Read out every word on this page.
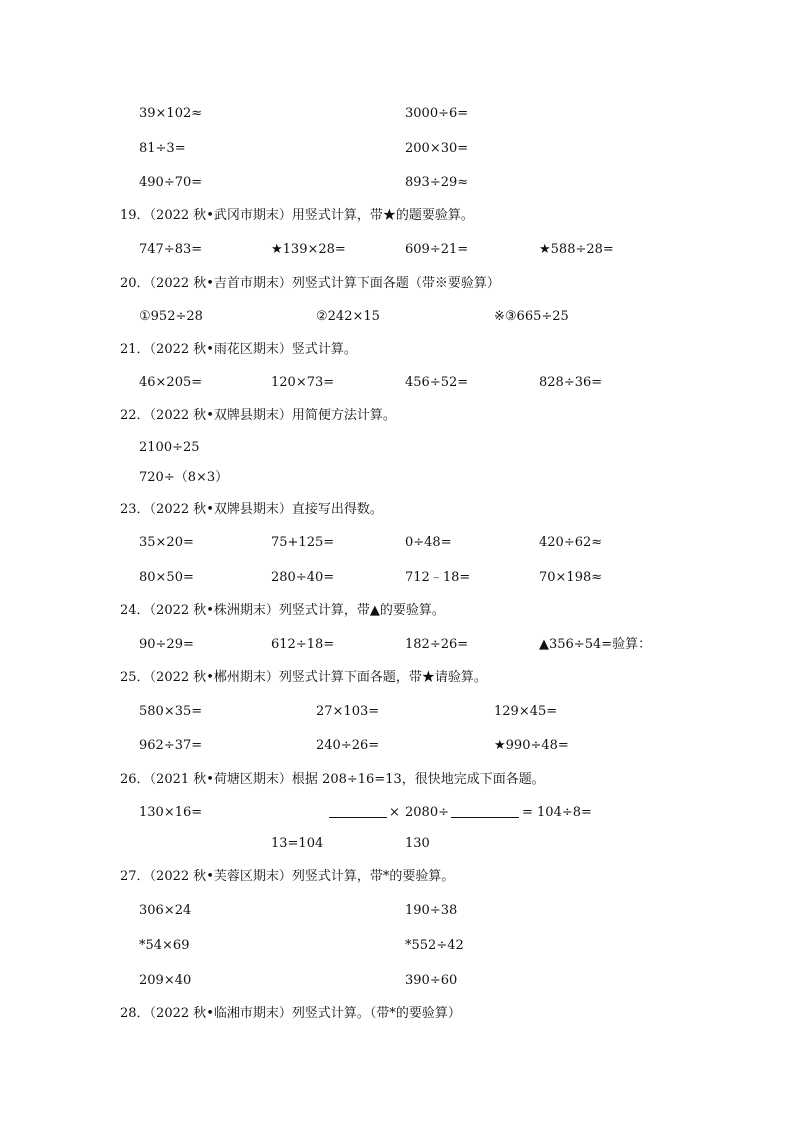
39×102≈	3000÷6=
81÷3=	200×30=
490÷70=	893÷29≈
19．（2022 秋•武冈市期末）用竖式计算，带★的题要验算。
747÷83=	★139×28=	609÷21=	★588÷28=
20．（2022 秋•吉首市期末）列竖式计算下面各题（带※要验算）
①952÷28	②242×15	※③665÷25
21．（2022 秋•雨花区期末）竖式计算。
46×205=	120×73=	456÷52=	828÷36=
22．（2022 秋•双牌县期末）用简便方法计算。
2100÷25
720÷（8×3）
23．（2022 秋•双牌县期末）直接写出得数。
35×20=	75+125=	0÷48=	420÷62≈
80×50=	280÷40=	712﹣18=	70×198≈
24．（2022 秋•株洲期末）列竖式计算，带▲的要验算。
90÷29=	612÷18=	182÷26=	▲356÷54=验算：
25．（2022 秋•郴州期末）列竖式计算下面各题，带★请验算。
580×35=	27×103=	129×45=
962÷37=	240÷26=	★990÷48=
26．（2021 秋•荷塘区期末）根据 208÷16=13，很快地完成下面各题。
130×16=	× 2080÷	= 104÷8=
13=104	130
27．（2022 秋•芙蓉区期末）列竖式计算，带*的要验算。
306×24	190÷38
*54×69	*552÷42
209×40	390÷60
28．（2022 秋•临湘市期末）列竖式计算。（带*的要验算）
